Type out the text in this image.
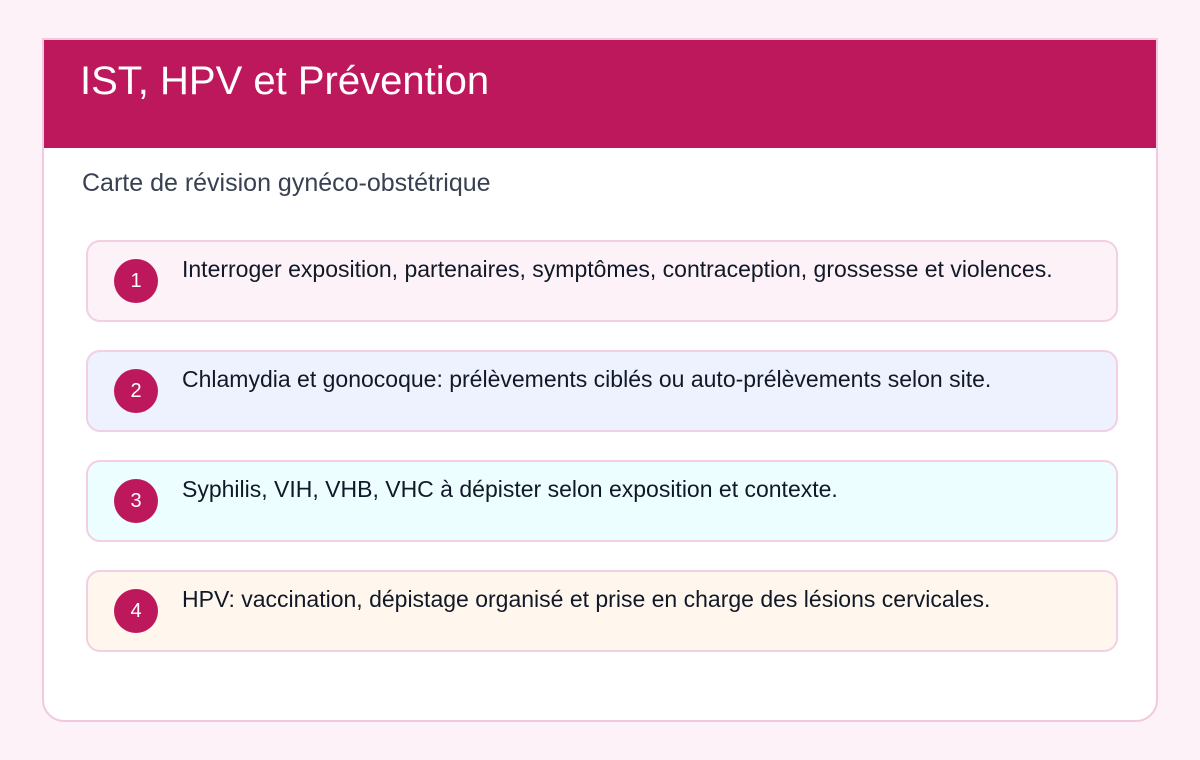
IST, HPV et Prévention

Carte de révision gynéco-obstétrique

1	Interroger exposition, partenaires, symptômes, contraception, grossesse et violences.

2	Chlamydia et gonocoque: prélèvements ciblés ou auto-prélèvements selon site.

3	Syphilis, VIH, VHB, VHC à dépister selon exposition et contexte.

4	HPV: vaccination, dépistage organisé et prise en charge des lésions cervicales.
